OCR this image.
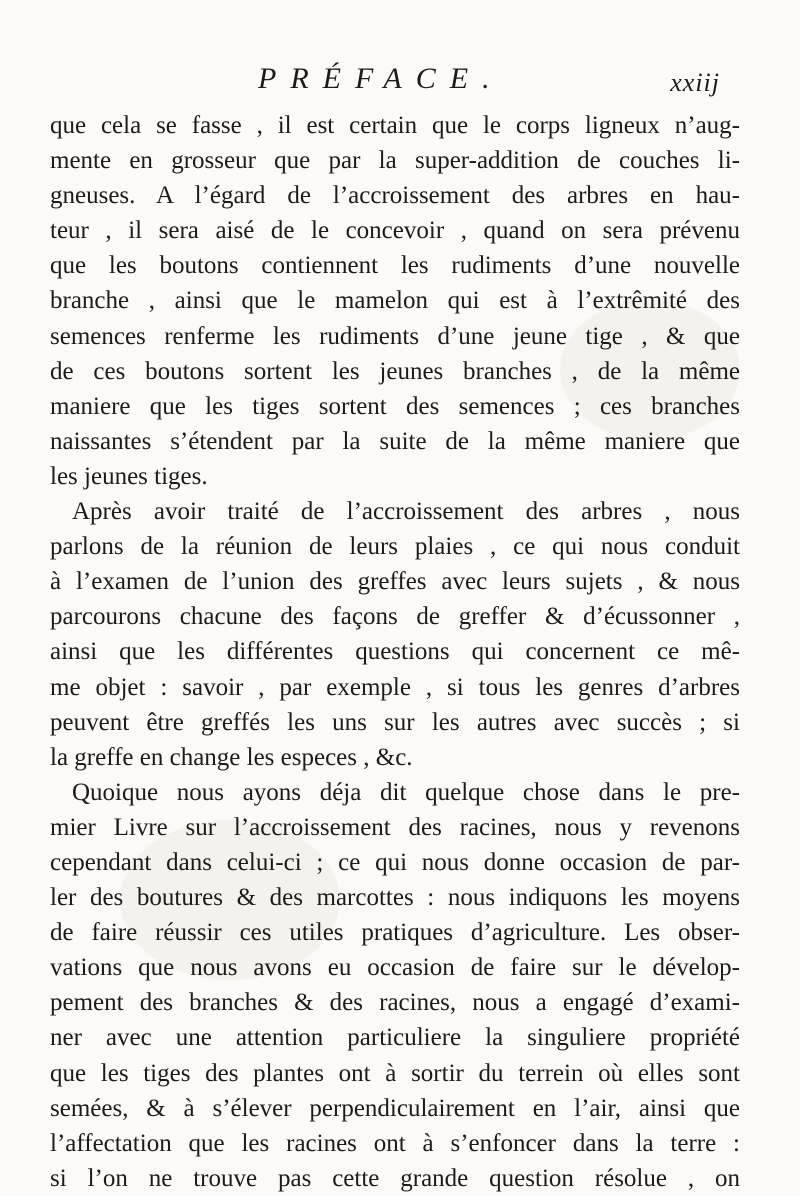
PRÉFACE.	xxiij
que cela se fasse , il est certain que le corps ligneux n’aug-
mente en grosseur que par la super-addition de couches li-
gneuses. A l’égard de l’accroissement des arbres en hau-
teur , il sera aisé de le concevoir , quand on sera prévenu
que les boutons contiennent les rudiments d’une nouvelle
branche , ainsi que le mamelon qui est à l’extrêmité des
semences renferme les rudiments d’une jeune tige , & que
de ces boutons sortent les jeunes branches , de la même
maniere que les tiges sortent des semences ; ces branches
naissantes s’étendent par la suite de la même maniere que
les jeunes tiges.
Après avoir traité de l’accroissement des arbres , nous
parlons de la réunion de leurs plaies , ce qui nous conduit
à l’examen de l’union des greffes avec leurs sujets , & nous
parcourons chacune des façons de greffer & d’écussonner ,
ainsi que les différentes questions qui concernent ce mê-
me objet : savoir , par exemple , si tous les genres d’arbres
peuvent être greffés les uns sur les autres avec succès ; si
la greffe en change les especes , &c.
Quoique nous ayons déja dit quelque chose dans le pre-
mier Livre sur l’accroissement des racines, nous y revenons
cependant dans celui-ci ; ce qui nous donne occasion de par-
ler des boutures & des marcottes : nous indiquons les moyens
de faire réussir ces utiles pratiques d’agriculture. Les obser-
vations que nous avons eu occasion de faire sur le dévelop-
pement des branches & des racines, nous a engagé d’exami-
ner avec une attention particuliere la singuliere propriété
que les tiges des plantes ont à sortir du terrein où elles sont
semées, & à s’élever perpendiculairement en l’air, ainsi que
l’affectation que les racines ont à s’enfoncer dans la terre :
si l’on ne trouve pas cette grande question résolue , on
